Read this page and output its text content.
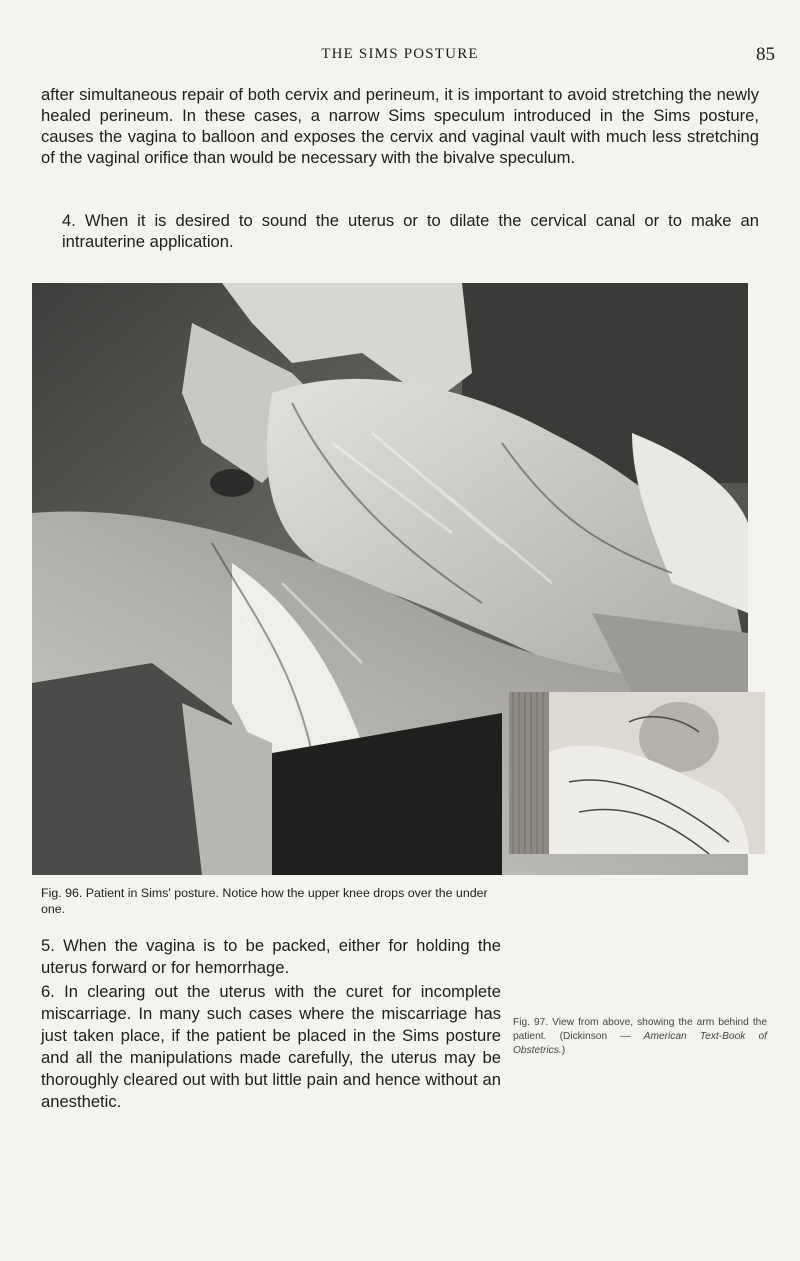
THE SIMS POSTURE	85

after simultaneous repair of both cervix and perineum, it is important to avoid stretching the newly healed perineum. In these cases, a narrow Sims speculum introduced in the Sims posture, causes the vagina to balloon and exposes the cervix and vaginal vault with much less stretching of the vaginal orifice than would be necessary with the bivalve speculum.

4. When it is desired to sound the uterus or to dilate the cervical canal or to make an intrauterine application.

Fig. 96. Patient in Sims' posture. Notice how the upper knee drops over the under one.

Fig. 97. View from above, showing the arm behind the patient. (Dickinson — American Text-Book of Obstetrics.)

5. When the vagina is to be packed, either for holding the uterus forward or for hemorrhage.

6. In clearing out the uterus with the curet for incomplete miscarriage. In many such cases where the miscarriage has just taken place, if the patient be placed in the Sims posture and all the manipulations made carefully, the uterus may be thoroughly cleared out with but little pain and hence without an anesthetic.
